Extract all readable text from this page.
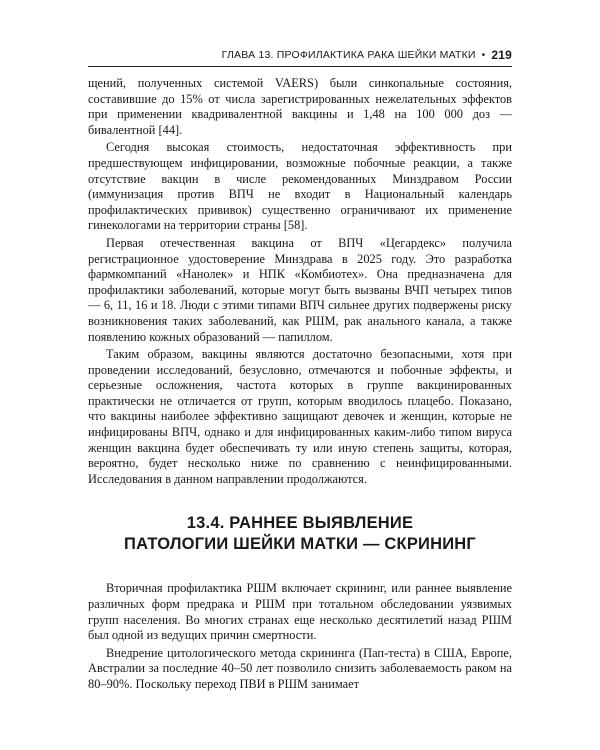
ГЛАВА 13. ПРОФИЛАКТИКА РАКА ШЕЙКИ МАТКИ • 219

щений, полученных системой VAERS) были синкопальные состояния, составившие до 15% от числа зарегистрированных нежелательных эффектов при применении квадривалентной вакцины и 1,48 на 100 000 доз — бивалентной [44].

Сегодня высокая стоимость, недостаточная эффективность при предшествующем инфицировании, возможные побочные реакции, а также отсутствие вакцин в числе рекомендованных Минздравом России (иммунизация против ВПЧ не входит в Национальный календарь профилактических прививок) существенно ограничивают их применение гинекологами на территории страны [58].

Первая отечественная вакцина от ВПЧ «Цегардекс» получила регистрационное удостоверение Минздрава в 2025 году. Это разработка фармкомпаний «Нанолек» и НПК «Комбиотех». Она предназначена для профилактики заболеваний, которые могут быть вызваны ВЧП четырех типов — 6, 11, 16 и 18. Люди с этими типами ВПЧ сильнее других подвержены риску возникновения таких заболеваний, как РШМ, рак анального канала, а также появлению кожных образований — папиллом.

Таким образом, вакцины являются достаточно безопасными, хотя при проведении исследований, безусловно, отмечаются и побочные эффекты, и серьезные осложнения, частота которых в группе вакцинированных практически не отличается от групп, которым вводилось плацебо. Показано, что вакцины наиболее эффективно защищают девочек и женщин, которые не инфицированы ВПЧ, однако и для инфицированных каким-либо типом вируса женщин вакцина будет обеспечивать ту или иную степень защиты, которая, вероятно, будет несколько ниже по сравнению с неинфицированными. Исследования в данном направлении продолжаются.

13.4. РАННЕЕ ВЫЯВЛЕНИЕ
ПАТОЛОГИИ ШЕЙКИ МАТКИ — СКРИНИНГ

Вторичная профилактика РШМ включает скрининг, или раннее выявление различных форм предрака и РШМ при тотальном обследовании уязвимых групп населения. Во многих странах еще несколько десятилетий назад РШМ был одной из ведущих причин смертности.

Внедрение цитологического метода скрининга (Пап-теста) в США, Европе, Австралии за последние 40–50 лет позволило снизить заболеваемость раком на 80–90%. Поскольку переход ПВИ в РШМ занимает
